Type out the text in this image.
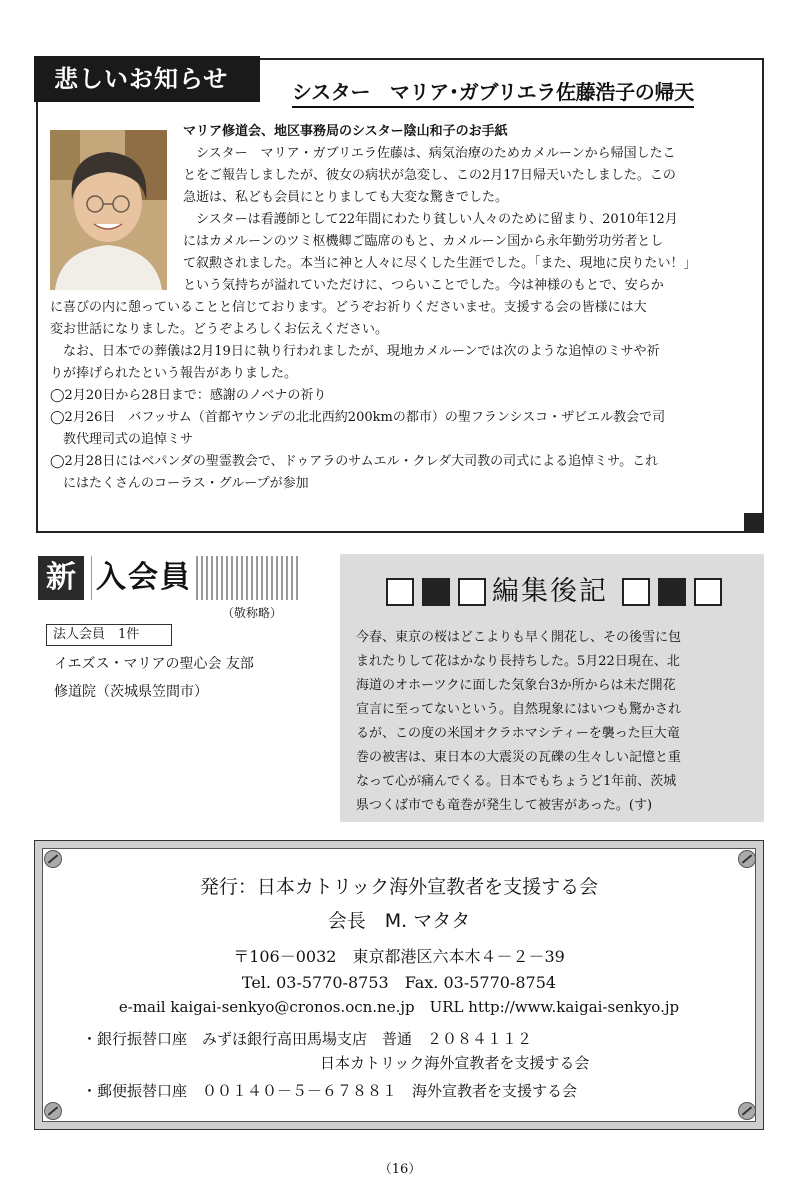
悲しいお知らせ	シスター　マリア･ガブリエラ佐藤浩子の帰天
マリア修道会、地区事務局のシスター陰山和子のお手紙
　シスター　マリア・ガブリエラ佐藤は、病気治療のためカメルーンから帰国したこ
とをご報告しましたが、彼女の病状が急変し、この2月17日帰天いたしました。この
急逝は、私ども会員にとりましても大変な驚きでした。
　シスターは看護師として22年間にわたり貧しい人々のために留まり、2010年12月
にはカメルーンのツミ枢機卿ご臨席のもと、カメルーン国から永年勤労功労者とし
て叙勲されました。本当に神と人々に尽くした生涯でした。｢また、現地に戻りたい！｣
という気持ちが溢れていただけに、つらいことでした。今は神様のもとで、安らか
に喜びの内に憩っていることと信じております。どうぞお祈りくださいませ。支援する会の皆様には大
変お世話になりました。どうぞよろしくお伝えください。
　なお、日本での葬儀は2月19日に執り行われましたが、現地カメルーンでは次のような追悼のミサや祈
りが捧げられたという報告がありました。
◯2月20日から28日まで：感謝のノベナの祈り
◯2月26日　バフッサム（首都ヤウンデの北北西約200kmの都市）の聖フランシスコ・ザビエル教会で司
　教代理司式の追悼ミサ
◯2月28日にはベパンダの聖霊教会で、ドゥアラのサムエル・クレダ大司教の司式による追悼ミサ。これ
　にはたくさんのコーラス・グループが参加
新 入会員
（敬称略）
法人会員　1件
イエズス・マリアの聖心会 友部
修道院（茨城県笠間市）
編集後記
今春、東京の桜はどこよりも早く開花し、その後雪に包
まれたりして花はかなり長持ちした。5月22日現在、北
海道のオホーツクに面した気象台3か所からは未だ開花
宣言に至ってないという。自然現象にはいつも驚かされ
るが、この度の米国オクラホマシティーを襲った巨大竜
巻の被害は、東日本の大震災の瓦礫の生々しい記憶と重
なって心が痛んでくる。日本でもちょうど1年前、茨城
県つくば市でも竜巻が発生して被害があった。(す)
発行：日本カトリック海外宣教者を支援する会
会長　M. マタタ
〒106－0032　東京都港区六本木４－２－39
Tel. 03-5770-8753　Fax. 03-5770-8754
e-mail kaigai-senkyo@cronos.ocn.ne.jp　URL http://www.kaigai-senkyo.jp
・銀行振替口座　みずほ銀行高田馬場支店　普通　２０８４１１２
日本カトリック海外宣教者を支援する会
・郵便振替口座　００１４０－５－６７８８１　海外宣教者を支援する会
（16）
